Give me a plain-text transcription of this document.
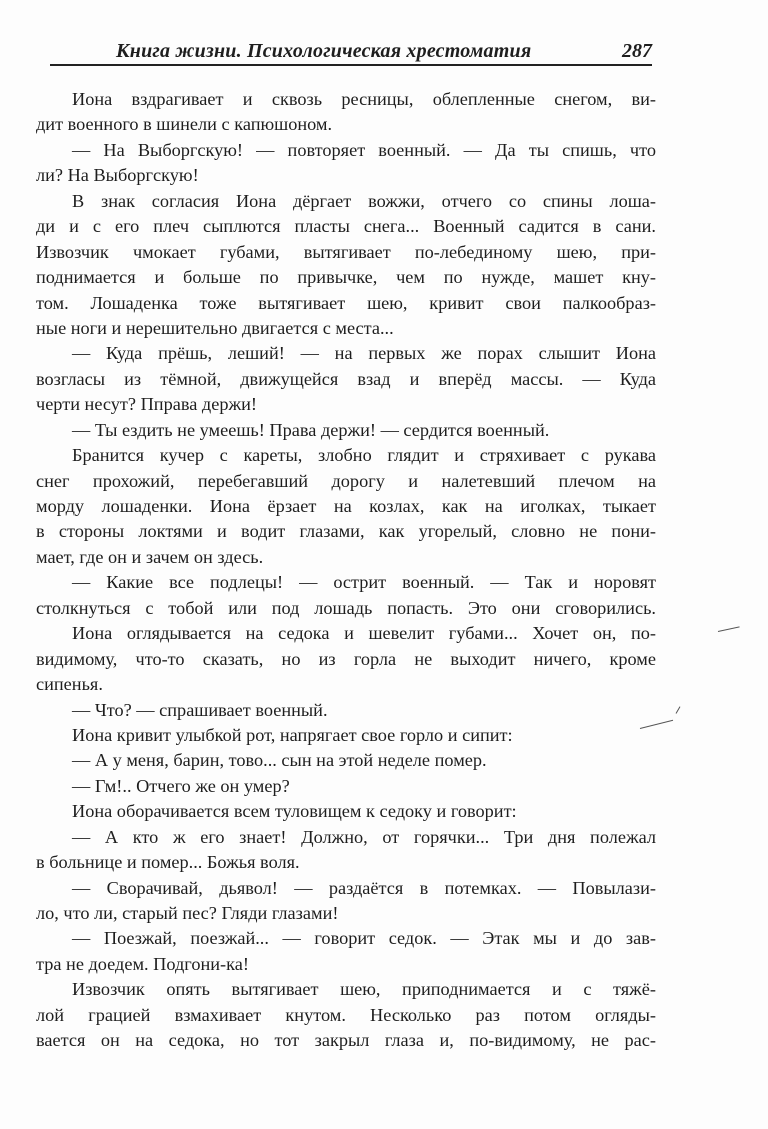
Книга жизни. Психологическая хрестоматия	287
Иона вздрагивает и сквозь ресницы, облепленные снегом, ви-
дит военного в шинели с капюшоном.
— На Выборгскую! — повторяет военный. — Да ты спишь, что
ли? На Выборгскую!
В знак согласия Иона дёргает вожжи, отчего со спины лоша-
ди и с его плеч сыплются пласты снега... Военный садится в сани.
Извозчик чмокает губами, вытягивает по-лебединому шею, при-
поднимается и больше по привычке, чем по нужде, машет кну-
том. Лошаденка тоже вытягивает шею, кривит свои палкообраз-
ные ноги и нерешительно двигается с места...
— Куда прёшь, леший! — на первых же порах слышит Иона
возгласы из тёмной, движущейся взад и вперёд массы. — Куда
черти несут? Ппрaва держи!
— Ты ездить не умеешь! Права держи! — сердится военный.
Бранится кучер с кареты, злобно глядит и стряхивает с рукава
снег прохожий, перебегавший дорогу и налетевший плечом на
морду лошаденки. Иона ёрзает на козлах, как на иголках, тыкает
в стороны локтями и водит глазами, как угорелый, словно не пони-
мает, где он и зачем он здесь.
— Какие все подлецы! — острит военный. — Так и норовят
столкнуться с тобой или под лошадь попасть. Это они сговорились.
Иона оглядывается на седока и шевелит губами... Хочет он, по-
видимому, что-то сказать, но из горла не выходит ничего, кроме
сипенья.
— Что? — спрашивает военный.
Иона кривит улыбкой рот, напрягает свое горло и сипит:
— А у меня, барин, тово... сын на этой неделе помер.
— Гм!.. Отчего же он умер?
Иона оборачивается всем туловищем к седоку и говорит:
— А кто ж его знает! Должно, от горячки... Три дня полежал
в больнице и помер... Божья воля.
— Сворачивай, дьявол! — раздаётся в потемках. — Повылази-
ло, что ли, старый пес? Гляди глазами!
— Поезжай, поезжай... — говорит седок. — Этак мы и до зав-
тра не доедем. Подгони-ка!
Извозчик опять вытягивает шею, приподнимается и с тяжё-
лой грацией взмахивает кнутом. Несколько раз потом огляды-
вается он на седока, но тот закрыл глаза и, по-видимому, не рас-
